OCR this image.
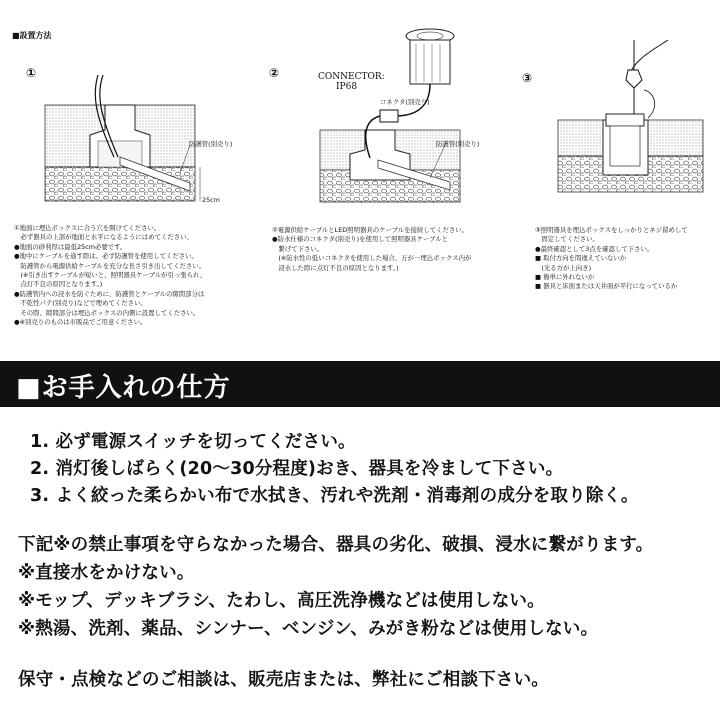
■設置方法
①	②	③
防護管(別売り)
25cm
CONNECTOR:
IP68
コネクタ(別売り)
防護管(別売り)
①地面に埋込ボックスに合う穴を開けてください。
　必ず器具の上部が地面と水平になるようにはめてください。
●地面の砂利厚は最低25cm必要です。
●地中にケーブルを通す際は、必ず防護管を使用してください。
　防護管から電源供給ケーブルを充分な長さ引き出してください。
　(※引き出すケーブルが短いと、照明器具ケーブルが引っ張られ、
　点灯不良の原因となります。)
●防護管内への浸水を防ぐために、防護管とケーブルの隙間部分は
　不乾性パテ(別売り)などで埋めてください。
　その際、隙間部分は埋込ボックスの内側に設置してください。
●※別売りのものは市販品でご用意ください。
②電源供給ケーブルとLED照明器具のケーブルを接続してください。
●防水仕様のコネクタ(別売り)を使用して照明器具ケーブルと
　繋げて下さい。
　(※防水性の低いコネクタを使用した場合、万が一埋込ボックス内が
　浸水した際に点灯不良の原因となります。)
③照明器具を埋込ボックスをしっかりとネジ留めして
　固定してください。
●最終確認として3点を確認して下さい。
■ 取付方向を間違えていないか
　(光る方が上向き)
■ 簡単に外れないか
■ 器具と床面または天井面が平行になっているか
■お手入れの仕方
1. 必ず電源スイッチを切ってください。
2. 消灯後しばらく(20〜30分程度)おき、器具を冷まして下さい。
3. よく絞った柔らかい布で水拭き、汚れや洗剤・消毒剤の成分を取り除く。
下記※の禁止事項を守らなかった場合、器具の劣化、破損、浸水に繋がります。
※直接水をかけない。
※モップ、デッキブラシ、たわし、高圧洗浄機などは使用しない。
※熱湯、洗剤、薬品、シンナー、ベンジン、みがき粉などは使用しない。
保守・点検などのご相談は、販売店または、弊社にご相談下さい。
